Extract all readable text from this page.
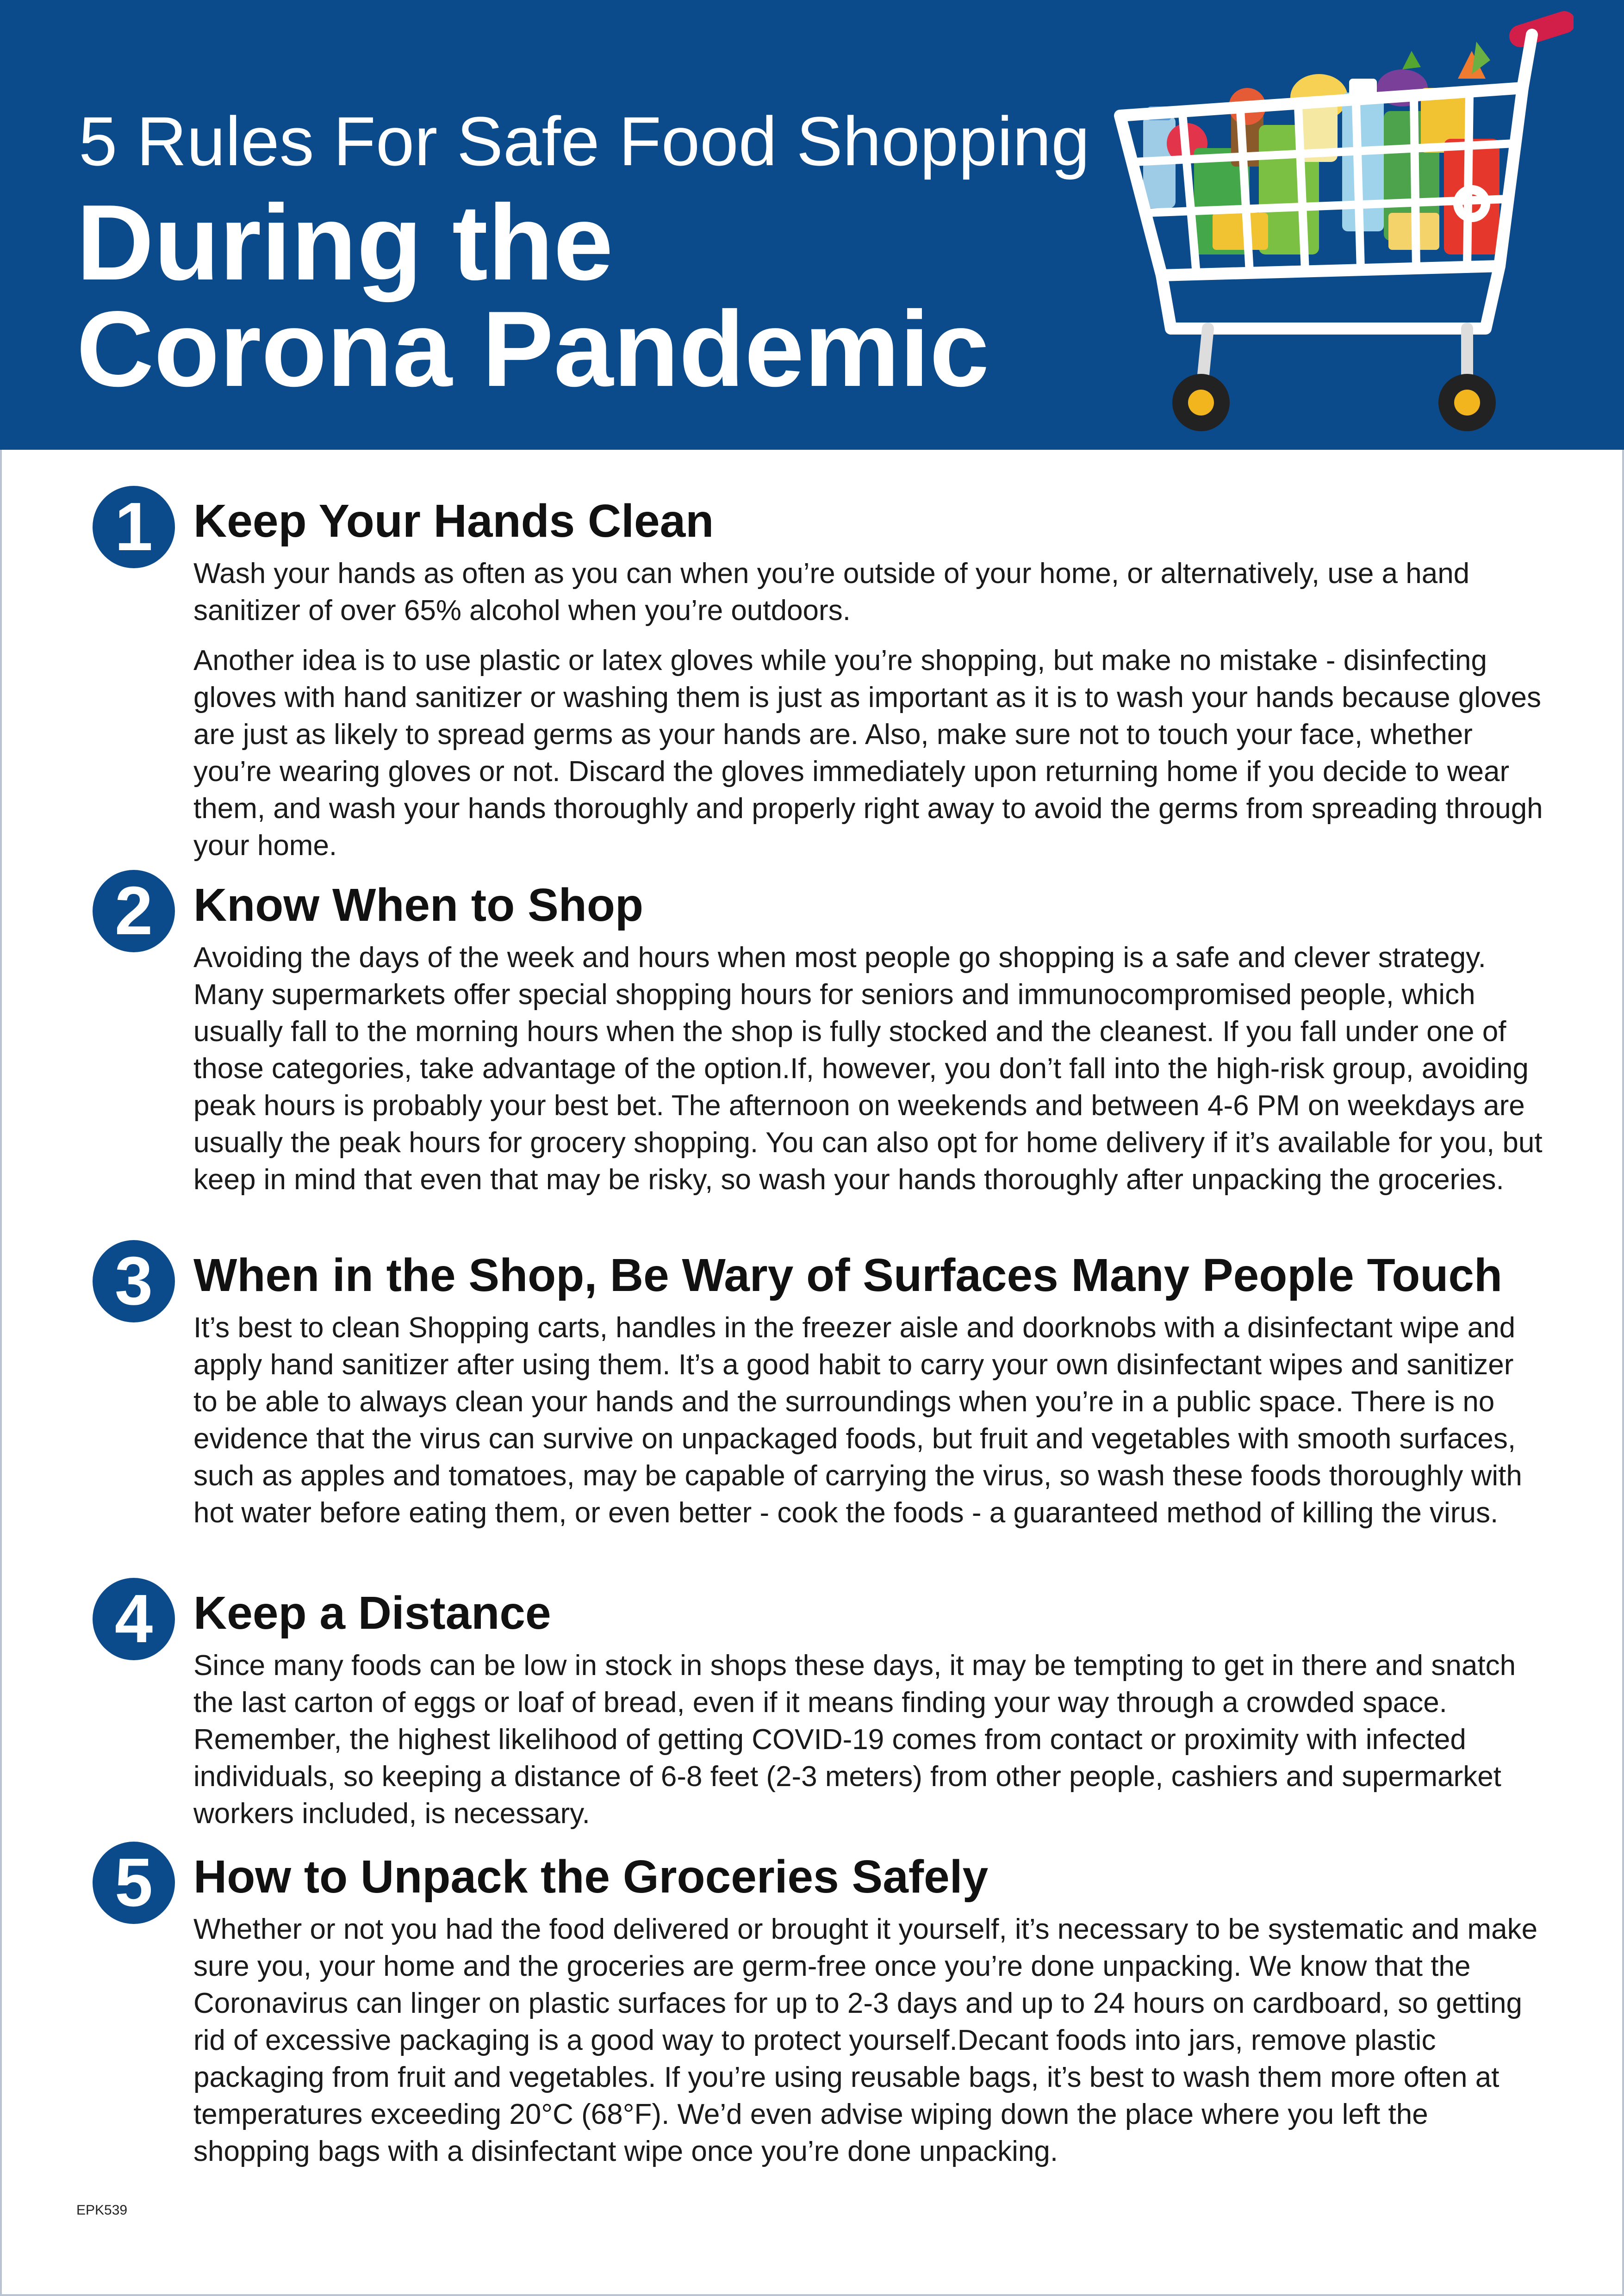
5 Rules For Safe Food Shopping
During the
Corona Pandemic
1 Keep Your Hands Clean

Wash your hands as often as you can when you’re outside of your home, or alternatively, use a hand sanitizer of over 65% alcohol when you’re outdoors.

Another idea is to use plastic or latex gloves while you’re shopping, but make no mistake - disinfecting gloves with hand sanitizer or washing them is just as important as it is to wash your hands because gloves are just as likely to spread germs as your hands are. Also, make sure not to touch your face, whether you’re wearing gloves or not. Discard the gloves immediately upon returning home if you decide to wear them, and wash your hands thoroughly and properly right away to avoid the germs from spreading through your home.

2 Know When to Shop

Avoiding the days of the week and hours when most people go shopping is a safe and clever strategy. Many supermarkets offer special shopping hours for seniors and immunocompromised people, which usually fall to the morning hours when the shop is fully stocked and the cleanest. If you fall under one of those categories, take advantage of the option.If, however, you don’t fall into the high-risk group, avoiding peak hours is probably your best bet. The afternoon on weekends and between 4-6 PM on weekdays are usually the peak hours for grocery shopping. You can also opt for home delivery if it’s available for you, but keep in mind that even that may be risky, so wash your hands thoroughly after unpacking the groceries.

3 When in the Shop, Be Wary of Surfaces Many People Touch

It’s best to clean Shopping carts, handles in the freezer aisle and doorknobs with a disinfectant wipe and apply hand sanitizer after using them. It’s a good habit to carry your own disinfectant wipes and sanitizer to be able to always clean your hands and the surroundings when you’re in a public space. There is no evidence that the virus can survive on unpackaged foods, but fruit and vegetables with smooth surfaces, such as apples and tomatoes, may be capable of carrying the virus, so wash these foods thoroughly with hot water before eating them, or even better - cook the foods - a guaranteed method of killing the virus.

4 Keep a Distance

Since many foods can be low in stock in shops these days, it may be tempting to get in there and snatch the last carton of eggs or loaf of bread, even if it means finding your way through a crowded space. Remember, the highest likelihood of getting COVID-19 comes from contact or proximity with infected individuals, so keeping a distance of 6-8 feet (2-3 meters) from other people, cashiers and supermarket workers included, is necessary.

5 How to Unpack the Groceries Safely

Whether or not you had the food delivered or brought it yourself, it’s necessary to be systematic and make sure you, your home and the groceries are germ-free once you’re done unpacking. We know that the Coronavirus can linger on plastic surfaces for up to 2-3 days and up to 24 hours on cardboard, so getting rid of excessive packaging is a good way to protect yourself.Decant foods into jars, remove plastic packaging from fruit and vegetables. If you’re using reusable bags, it’s best to wash them more often at temperatures exceeding 20°C (68°F). We’d even advise wiping down the place where you left the shopping bags with a disinfectant wipe once you’re done unpacking.

EPK539
